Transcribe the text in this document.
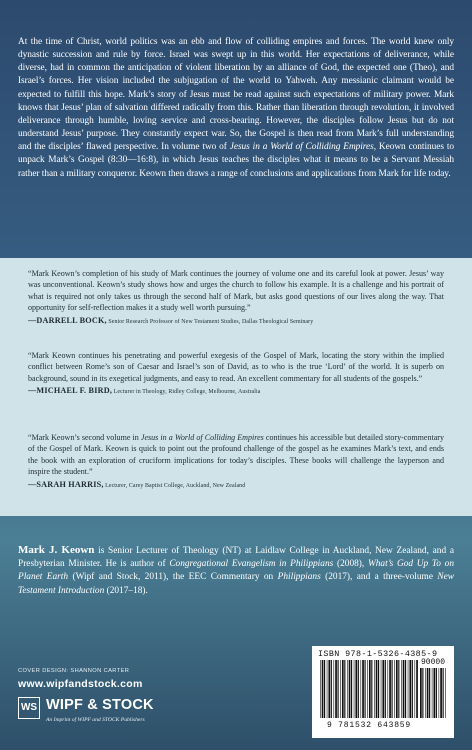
At the time of Christ, world politics was an ebb and flow of colliding empires and forces. The world knew only dynastic succession and rule by force. Israel was swept up in this world. Her expectations of deliverance, while diverse, had in common the anticipation of violent liberation by an alliance of God, the expected one (Theo), and Israel’s forces. Her vision included the subjugation of the world to Yahweh. Any messianic claimant would be expected to fulfill this hope. Mark’s story of Jesus must be read against such expectations of military power. Mark knows that Jesus’ plan of salvation differed radically from this. Rather than liberation through revolution, it involved deliverance through humble, loving service and cross-bearing. However, the disciples follow Jesus but do not understand Jesus’ purpose. They constantly expect war. So, the Gospel is then read from Mark’s full understanding and the disciples’ flawed perspective. In volume two of Jesus in a World of Colliding Empires, Keown continues to unpack Mark’s Gospel (8:30—16:8), in which Jesus teaches the disciples what it means to be a Servant Messiah rather than a military conqueror. Keown then draws a range of conclusions and applications from Mark for life today.

“Mark Keown’s completion of his study of Mark continues the journey of volume one and its careful look at power. Jesus’ way was unconventional. Keown’s study shows how and urges the church to follow his example. It is a challenge and his portrait of what is required not only takes us through the second half of Mark, but asks good questions of our lives along the way. That opportunity for self-reflection makes it a study well worth pursuing.”

—DARRELL BOCK, Senior Research Professor of New Testament Studies, Dallas Theological Seminary

“Mark Keown continues his penetrating and powerful exegesis of the Gospel of Mark, locating the story within the implied conflict between Rome’s son of Caesar and Israel’s son of David, as to who is the true ‘Lord’ of the world. It is superb on background, sound in its exegetical judgments, and easy to read. An excellent commentary for all students of the gospels.”

—MICHAEL F. BIRD, Lecturer in Theology, Ridley College, Melbourne, Australia

“Mark Keown’s second volume in Jesus in a World of Colliding Empires continues his accessible but detailed story-commentary of the Gospel of Mark. Keown is quick to point out the profound challenge of the gospel as he examines Mark’s text, and ends the book with an exploration of cruciform implications for today’s disciples. These books will challenge the layperson and inspire the student.”

—SARAH HARRIS, Lecturer, Carey Baptist College, Auckland, New Zealand

Mark J. Keown is Senior Lecturer of Theology (NT) at Laidlaw College in Auckland, New Zealand, and a Presbyterian Minister. He is author of Congregational Evangelism in Philippians (2008), What’s God Up To on Planet Earth (Wipf and Stock, 2011), the EEC Commentary on Philippians (2017), and a three-volume New Testament Introduction (2017–18).

COVER DESIGN: SHANNON CARTER
www.wipfandstock.com
WS WIPF & STOCK
An Imprint of WIPF and STOCK Publishers
ISBN 978-1-5326-4385-9
90000
9 781532 643859
